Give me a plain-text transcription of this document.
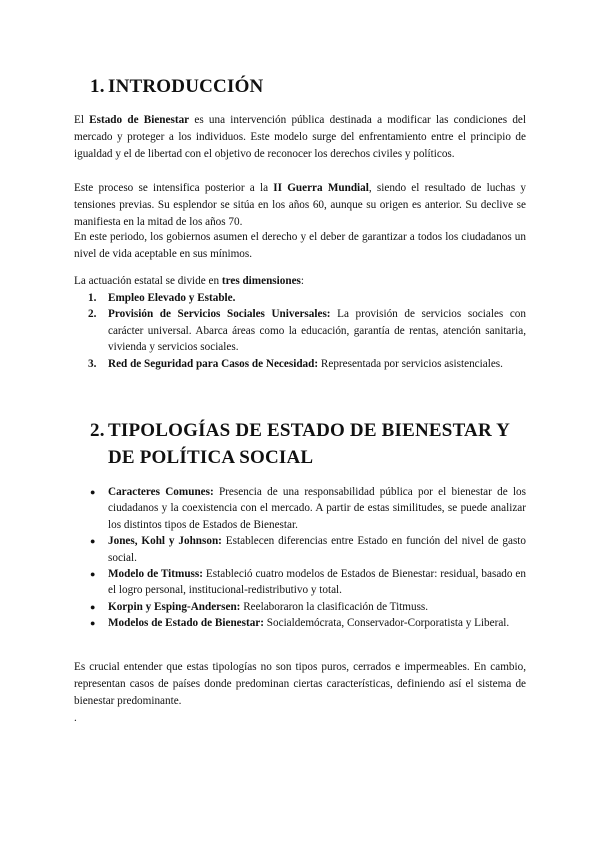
1. INTRODUCCIÓN

El Estado de Bienestar es una intervención pública destinada a modificar las condiciones del mercado y proteger a los individuos. Este modelo surge del enfrentamiento entre el principio de igualdad y el de libertad con el objetivo de reconocer los derechos civiles y políticos.

Este proceso se intensifica posterior a la II Guerra Mundial, siendo el resultado de luchas y tensiones previas. Su esplendor se sitúa en los años 60, aunque su origen es anterior. Su declive se manifiesta en la mitad de los años 70.

En este periodo, los gobiernos asumen el derecho y el deber de garantizar a todos los ciudadanos un nivel de vida aceptable en sus mínimos.

La actuación estatal se divide en tres dimensiones:

1. Empleo Elevado y Estable.
2. Provisión de Servicios Sociales Universales: La provisión de servicios sociales con carácter universal. Abarca áreas como la educación, garantía de rentas, atención sanitaria, vivienda y servicios sociales.
3. Red de Seguridad para Casos de Necesidad: Representada por servicios asistenciales.
2. TIPOLOGÍAS DE ESTADO DE BIENESTAR Y
DE POLÍTICA SOCIAL
● Caracteres Comunes: Presencia de una responsabilidad pública por el bienestar de los ciudadanos y la coexistencia con el mercado. A partir de estas similitudes, se puede analizar los distintos tipos de Estados de Bienestar.
● Jones, Kohl y Johnson: Establecen diferencias entre Estado en función del nivel de gasto social.
● Modelo de Titmuss: Estableció cuatro modelos de Estados de Bienestar: residual, basado en el logro personal, institucional-redistributivo y total.
● Korpin y Esping-Andersen: Reelaboraron la clasificación de Titmuss.
● Modelos de Estado de Bienestar: Socialdemócrata, Conservador-Corporatista y Liberal.

Es crucial entender que estas tipologías no son tipos puros, cerrados e impermeables. En cambio, representan casos de países donde predominan ciertas características, definiendo así el sistema de bienestar predominante.

.
